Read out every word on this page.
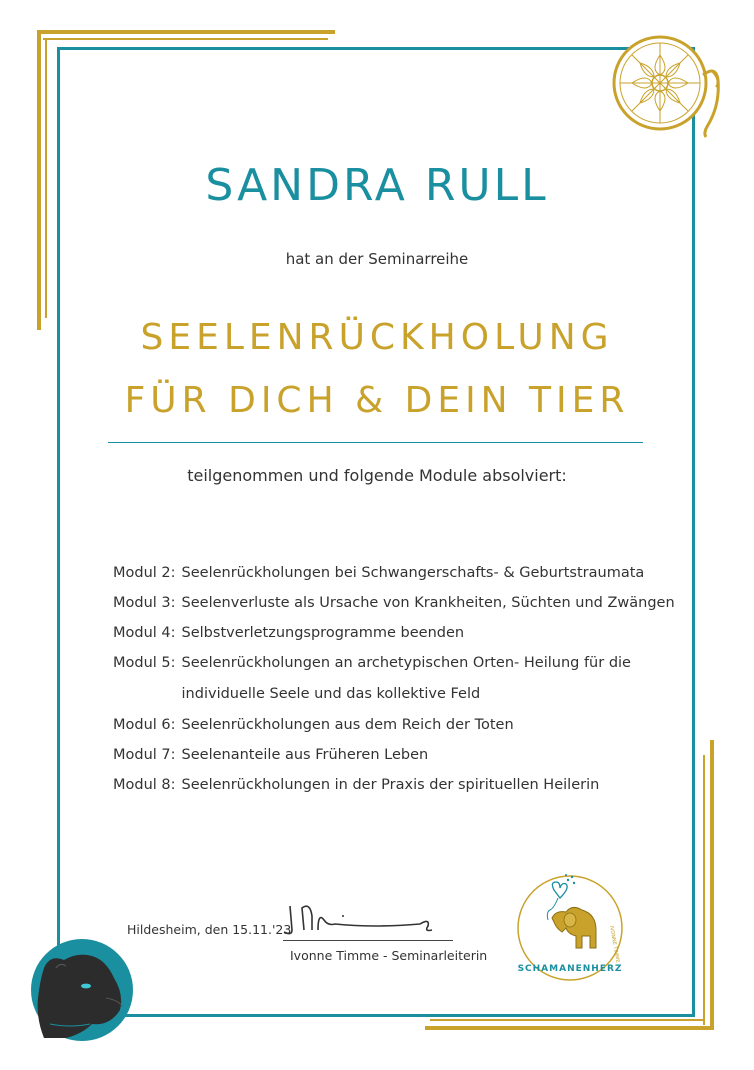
SANDRA RULL
hat an der Seminarreihe
SEELENRÜCKHOLUNG
FÜR DICH & DEIN TIER
teilgenommen und folgende Module absolviert:
Modul 2: Seelenrückholungen bei Schwangerschafts- & Geburtstraumata
Modul 3: Seelenverluste als Ursache von Krankheiten, Süchten und Zwängen
Modul 4: Selbstverletzungsprogramme beenden
Modul 5: Seelenrückholungen an archetypischen Orten- Heilung für die individuelle Seele und das kollektive Feld
Modul 6: Seelenrückholungen aus dem Reich der Toten
Modul 7: Seelenanteile aus Früheren Leben
Modul 8: Seelenrückholungen in der Praxis der spirituellen Heilerin
Hildesheim, den 15.11.'23
Ivonne Timme - Seminarleiterin
SCHAMANENHERZ
IVONNE TIMME
